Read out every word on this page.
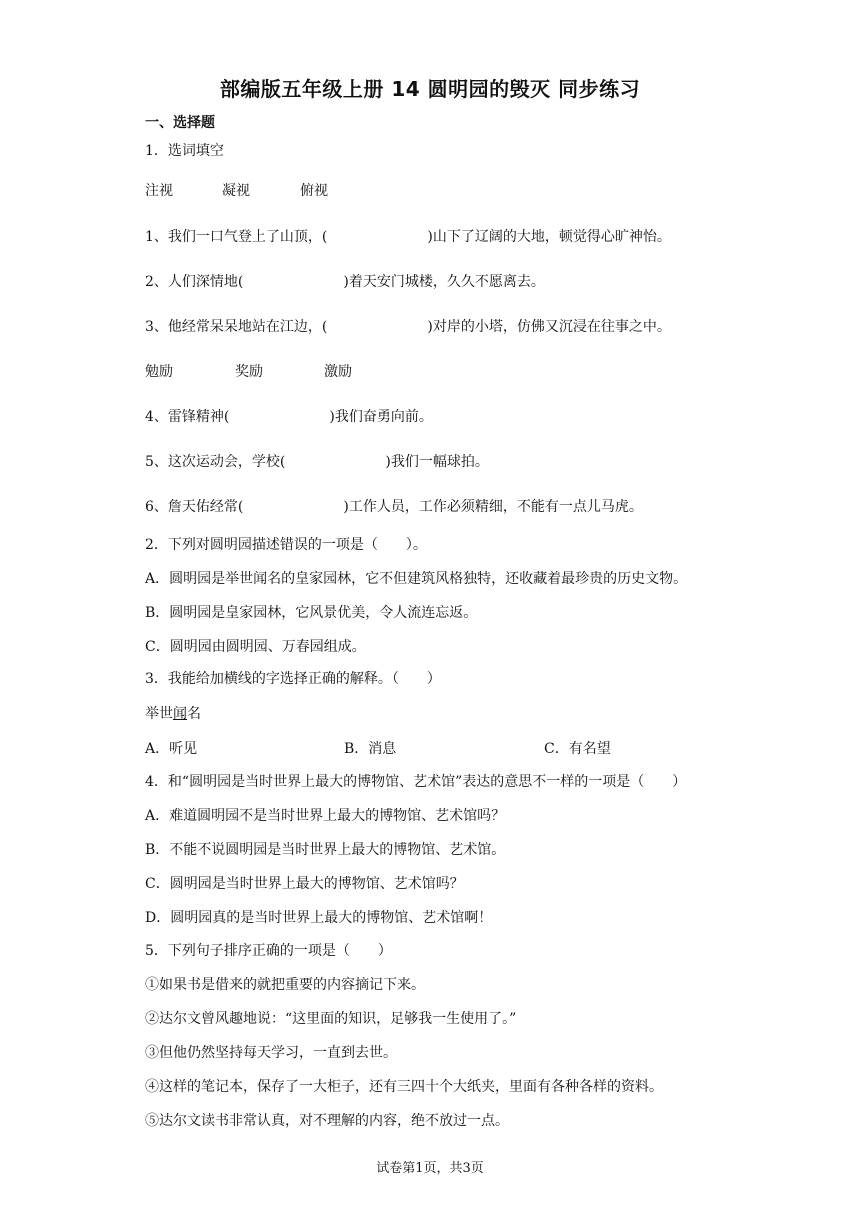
部编版五年级上册 14 圆明园的毁灭 同步练习
一、选择题
1．选词填空
注视	凝视	俯视
1、我们一口气登上了山顶，(	)山下了辽阔的大地，顿觉得心旷神怡。
2、人们深情地(	)着天安门城楼，久久不愿离去。
3、他经常呆呆地站在江边，(	)对岸的小塔，仿佛又沉浸在往事之中。
勉励	奖励	激励
4、雷锋精神(	)我们奋勇向前。
5、这次运动会，学校(	)我们一幅球拍。
6、詹天佑经常(	)工作人员，工作必须精细，不能有一点儿马虎。
2．下列对圆明园描述错误的一项是（　　）。
A．圆明园是举世闻名的皇家园林，它不但建筑风格独特，还收藏着最珍贵的历史文物。
B．圆明园是皇家园林，它风景优美，令人流连忘返。
C．圆明园由圆明园、万春园组成。
3．我能给加横线的字选择正确的解释。（　　）
举世闻名
A．听见	B．消息	C．有名望
4．和“圆明园是当时世界上最大的博物馆、艺术馆”表达的意思不一样的一项是（　　）
A．难道圆明园不是当时世界上最大的博物馆、艺术馆吗？
B．不能不说圆明园是当时世界上最大的博物馆、艺术馆。
C．圆明园是当时世界上最大的博物馆、艺术馆吗？
D．圆明园真的是当时世界上最大的博物馆、艺术馆啊！
5．下列句子排序正确的一项是（　　）
①如果书是借来的就把重要的内容摘记下来。
②达尔文曾风趣地说：“这里面的知识，足够我一生使用了。”
③但他仍然坚持每天学习，一直到去世。
④这样的笔记本，保存了一大柜子，还有三四十个大纸夹，里面有各种各样的资料。
⑤达尔文读书非常认真，对不理解的内容，绝不放过一点。
试卷第1页，共3页
